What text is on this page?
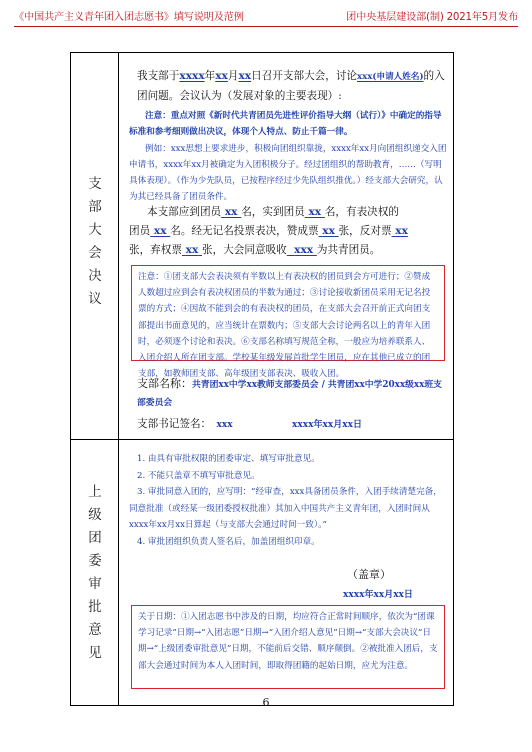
《中国共产主义青年团入团志愿书》填写说明及范例	团中央基层建设部(制) 2021年5月发布
支部大会决议
上级团委审批意见
我支部于xxxx年xx月xx日召开支部大会，讨论xxx(申请人姓名)的入团问题。会议认为（发展对象的主要表现）:
注意：重点对照《新时代共青团员先进性评价指导大纲（试行）》中确定的指导标准和参考细则做出决议，体现个人特点、防止千篇一律。
例如：xxx思想上要求进步，积极向团组织靠拢，xxxx年xx月向团组织递交入团申请书，xxxx年xx月被确定为入团积极分子。经过团组织的帮助教育，……（写明具体表现）。（作为少先队员，已按程序经过少先队组织推优。）经支部大会研究，认为其已经具备了团员条件。
本支部应到团员 xx 名，实到团员 xx 名，有表决权的
团员 xx 名。经无记名投票表决，赞成票 xx 张，反对票 xx
张，弃权票 xx 张，大会同意吸收 xxx 为共青团员。
注意：①团支部大会表决须有半数以上有表决权的团员到会方可进行；②赞成人数超过应到会有表决权团员的半数为通过；③讨论接收新团员采用无记名投票的方式；④因故不能到会的有表决权的团员，在支部大会召开前正式向团支部提出书面意见的，应当统计在票数内；⑤支部大会讨论两名以上的青年入团时，必须逐个讨论和表决。⑥支部名称填写规范全称，一般应为培养联系人、入团介绍人所在团支部。学校某年级发展首批学生团员，应在其他已成立的团支部，如教师团支部、高年级团支部表决、吸收入团。
支部名称：共青团xx中学xx教师支部委员会 / 共青团xx中学20xx级xx班支部委员会
支部书记签名： xxx	xxxx年xx月xx日
1. 由具有审批权限的团委审定、填写审批意见。
2. 不能只盖章不填写审批意见。
3. 审批同意入团的，应写明：“经审查，xxx具备团员条件，入团手续清楚完备，同意批准（或经某一级团委授权批准）其加入中国共产主义青年团，入团时间从xxxx年xx月xx日算起（与支部大会通过时间一致）。”
4. 审批团组织负责人签名后，加盖团组织印章。
（盖章）
xxxx年xx月xx日
关于日期：①入团志愿书中涉及的日期，均应符合正常时间顺序，依次为“团课学习记录”日期→“入团志愿”日期→“入团介绍人意见”日期→“支部大会决议”日期→“上级团委审批意见”日期，不能前后交错、顺序颠倒。②被批准入团后，支部大会通过时间为本人入团时间，即取得团籍的起始日期，应尤为注意。
6
